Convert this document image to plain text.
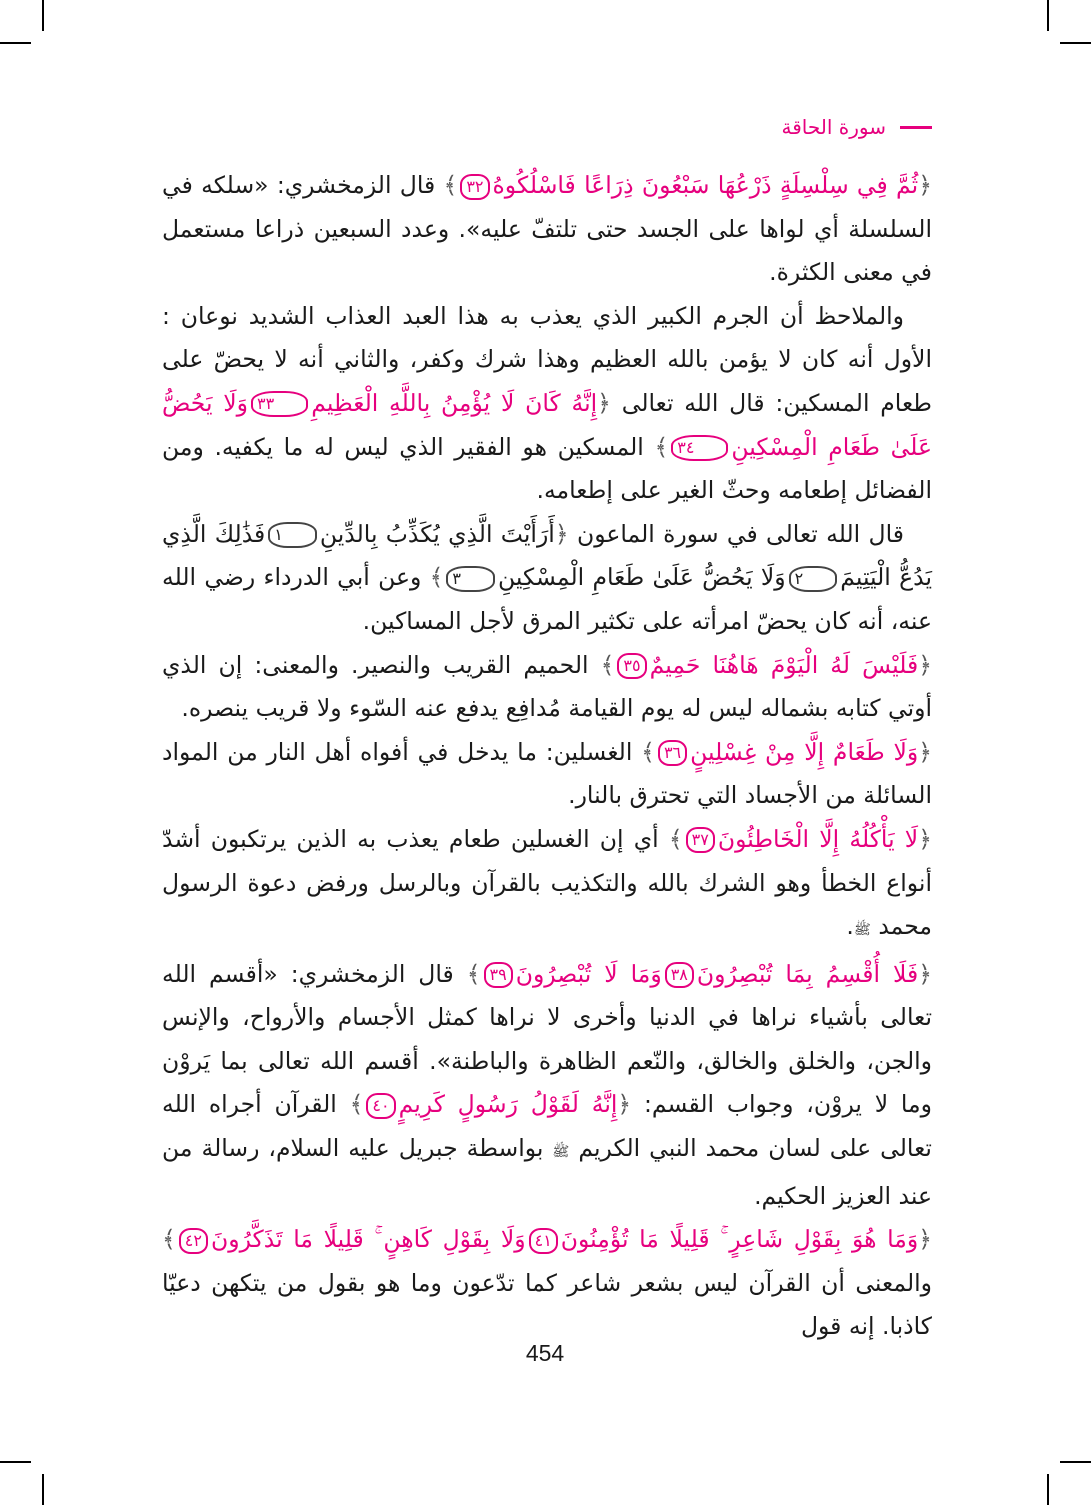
سورة الحاقة

﴿ثُمَّ فِي سِلْسِلَةٍ ذَرْعُهَا سَبْعُونَ ذِرَاعًا فَاسْلُكُوهُ٣٢﴾ قال الزمخشري: «سلكه في السلسلة أي لواها على الجسد حتى تلتفّ عليه». وعدد السبعين ذراعا مستعمل في معنى الكثرة.

والملاحظ أن الجرم الكبير الذي يعذب به هذا العبد العذاب الشديد نوعان : الأول أنه كان لا يؤمن بالله العظيم وهذا شرك وكفر، والثاني أنه لا يحضّ على طعام المسكين: قال الله تعالى ﴿إِنَّهُ كَانَ لَا يُؤْمِنُ بِاللَّهِ الْعَظِيمِ٣٣وَلَا يَحُضُّ عَلَىٰ طَعَامِ الْمِسْكِينِ٣٤﴾ المسكين هو الفقير الذي ليس له ما يكفيه. ومن الفضائل إطعامه وحثّ الغير على إطعامه.

قال الله تعالى في سورة الماعون ﴿أَرَأَيْتَ الَّذِي يُكَذِّبُ بِالدِّينِ١فَذَٰلِكَ الَّذِي يَدُعُّ الْيَتِيمَ٢وَلَا يَحُضُّ عَلَىٰ طَعَامِ الْمِسْكِينِ٣﴾ وعن أبي الدرداء رضي الله عنه، أنه كان يحضّ امرأته على تكثير المرق لأجل المساكين.

﴿فَلَيْسَ لَهُ الْيَوْمَ هَاهُنَا حَمِيمٌ٣٥﴾ الحميم القريب والنصير. والمعنى: إن الذي أوتي كتابه بشماله ليس له يوم القيامة مُدافِع يدفع عنه السّوء ولا قريب ينصره.

﴿وَلَا طَعَامٌ إِلَّا مِنْ غِسْلِينٍ٣٦﴾ الغسلين: ما يدخل في أفواه أهل النار من المواد السائلة من الأجساد التي تحترق بالنار.

﴿لَا يَأْكُلُهُ إِلَّا الْخَاطِئُونَ٣٧﴾ أي إن الغسلين طعام يعذب به الذين يرتكبون أشدّ أنواع الخطأ وهو الشرك بالله والتكذيب بالقرآن وبالرسل ورفض دعوة الرسول محمد ﷺ.

﴿فَلَا أُقْسِمُ بِمَا تُبْصِرُونَ٣٨وَمَا لَا تُبْصِرُونَ٣٩﴾ قال الزمخشري: «أقسم الله تعالى بأشياء نراها في الدنيا وأخرى لا نراها كمثل الأجسام والأرواح، والإنس والجن، والخلق والخالق، والنّعم الظاهرة والباطنة». أقسم الله تعالى بما يَروْن وما لا يروْن، وجواب القسم: ﴿إِنَّهُ لَقَوْلُ رَسُولٍ كَرِيمٍ٤٠﴾ القرآن أجراه الله تعالى على لسان محمد النبي الكريم ﷺ بواسطة جبريل عليه السلام، رسالة من عند العزيز الحكيم.

﴿وَمَا هُوَ بِقَوْلِ شَاعِرٍ ۚ قَلِيلًا مَا تُؤْمِنُونَ٤١وَلَا بِقَوْلِ كَاهِنٍ ۚ قَلِيلًا مَا تَذَكَّرُونَ٤٢﴾ والمعنى أن القرآن ليس بشعر شاعر كما تدّعون وما هو بقول من يتكهن دعيّا كاذبا. إنه قول

454
